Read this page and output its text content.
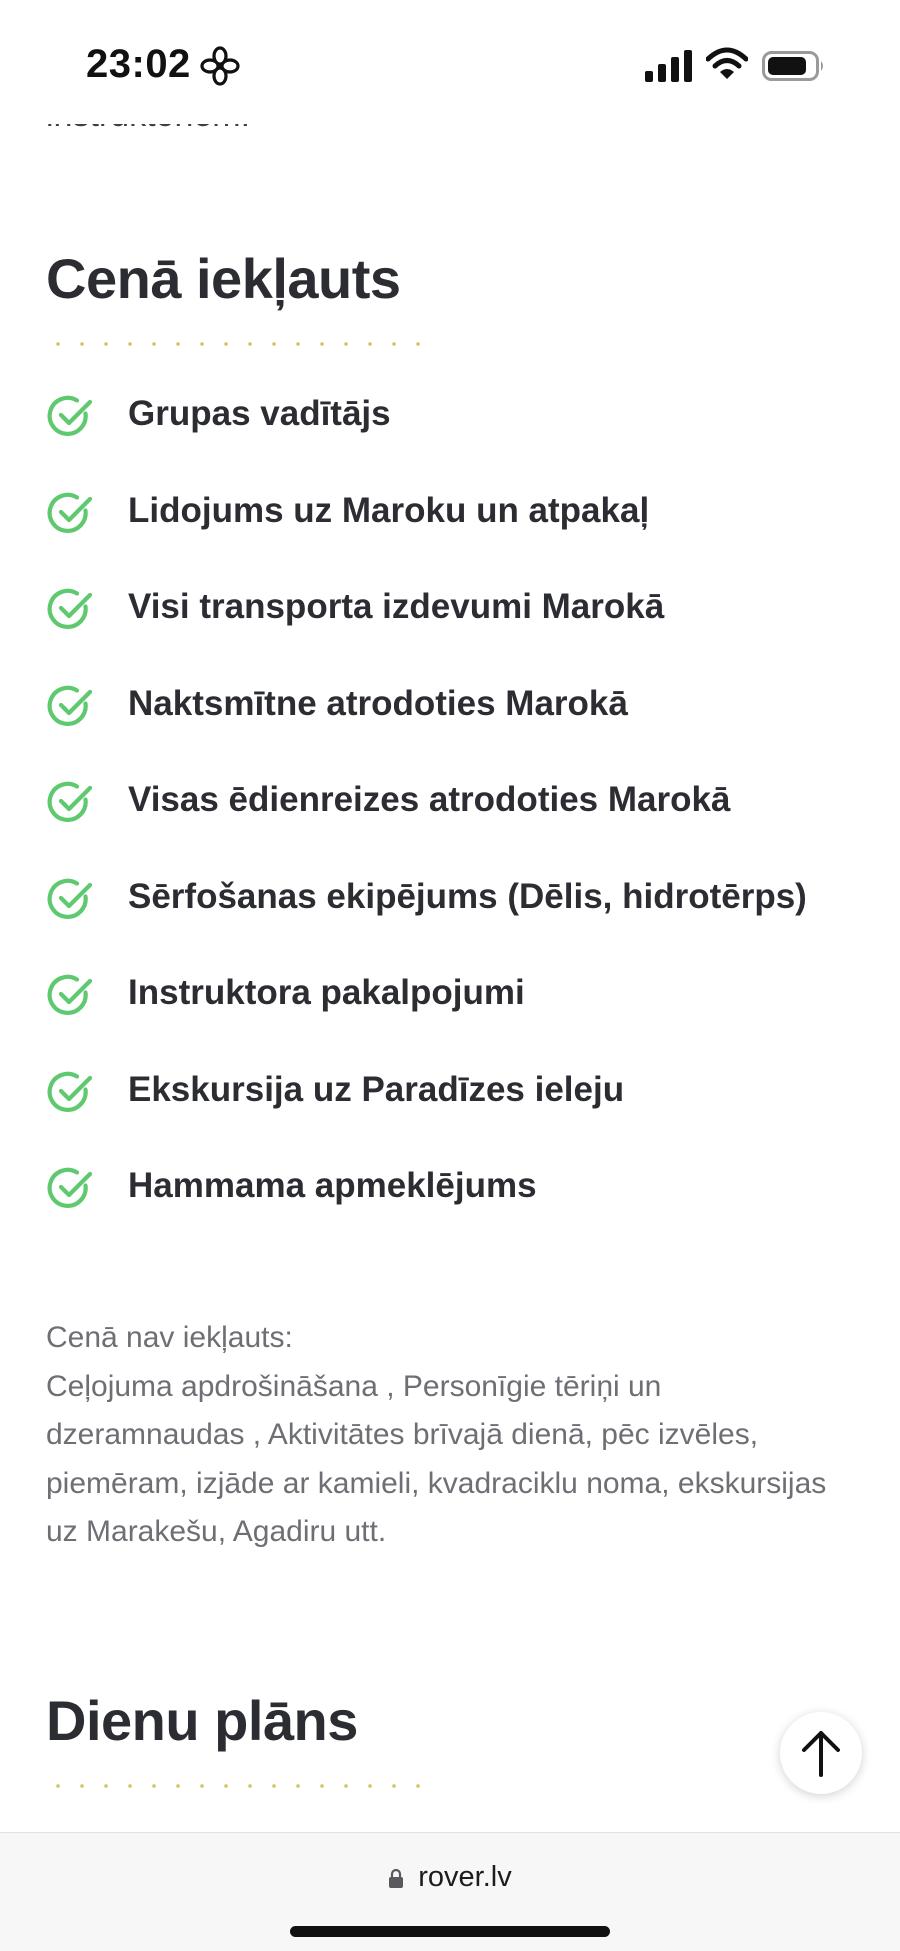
23:02
Cenā iekļauts
Grupas vadītājs
Lidojums uz Maroku un atpakaļ
Visi transporta izdevumi Marokā
Naktsmītne atrodoties Marokā
Visas ēdienreizes atrodoties Marokā
Sērfošanas ekipējums (Dēlis, hidrotērps)
Instruktora pakalpojumi
Ekskursija uz Paradīzes ieleju
Hammama apmeklējums

Cenā nav iekļauts:

Ceļojuma apdrošināšana , Personīgie tēriņi un dzeramnaudas , Aktivitātes brīvajā dienā, pēc izvēles, piemēram, izjāde ar kamieli, kvadraciklu noma, ekskursijas uz Marakešu, Agadiru utt.

Dienu plāns
rover.lv
